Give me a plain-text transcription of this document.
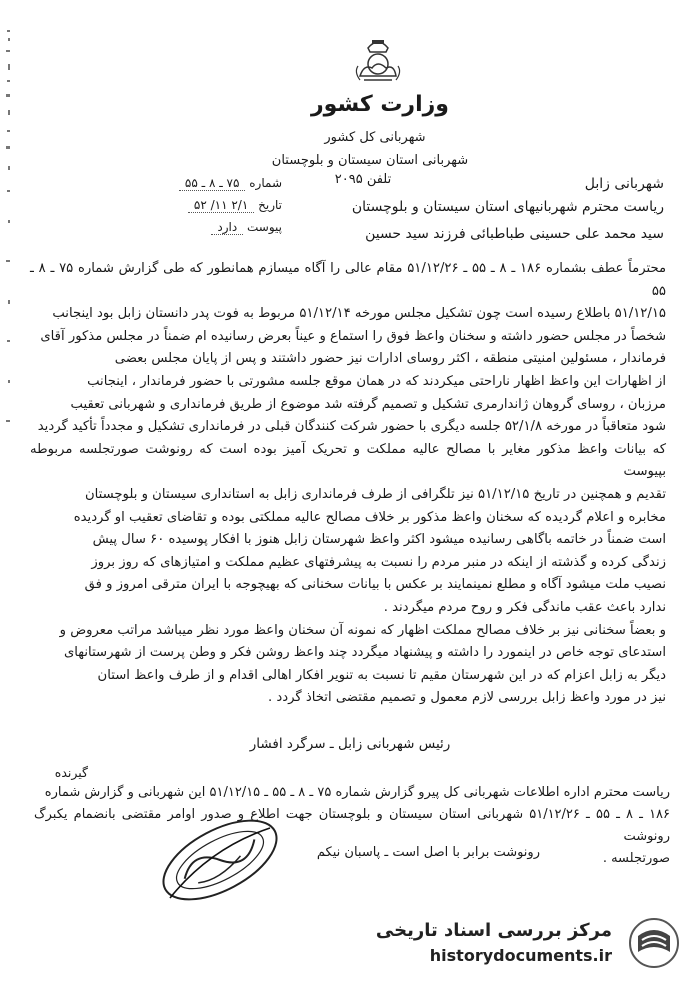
وزارت کشور
شهربانی کل کشور
شهربانی استان سیستان و بلوچستان
تلفن ۲۰۹۵
شماره ۷۵ ـ ۸ ـ ۵۵
تاریخ ۲/۱ ۱۱/ ۵۲
پیوست دارد
شهربانی زابل
ریاست محترم شهربانیهای استان سیستان و بلوچستان
سید محمد علی حسینی طباطبائی فرزند سید حسین

محترماً عطف بشماره ۱۸۶ ـ ۸ ـ ۵۵ ـ ۵۱/۱۲/۲۶ مقام عالی را آگاه میسازم همانطور که طی گزارش شماره ۷۵ ـ ۸ ـ ۵۵

۵۱/۱۲/۱۵ باطلاع رسیده است چون تشکیل مجلس مورخه ۵۱/۱۲/۱۴ مربوط به فوت پدر دانستان زابل بود اینجانب

شخصاً در مجلس حضور داشته و سخنان واعظ فوق را استماع و عیناً بعرض رسانیده ام ضمناً در مجلس مذکور آقای

فرماندار ، مسئولین امنیتی منطقه ، اکثر روسای ادارات نیز حضور داشتند و پس از پایان مجلس بعضی

از اظهارات این واعظ اظهار ناراحتی میکردند که در همان موقع جلسه مشورتی با حضور فرماندار ، اینجانب

مرزبان ، روسای گروهان ژاندارمری تشکیل و تصمیم گرفته شد موضوع از طریق فرمانداری و شهربانی تعقیب

شود متعاقباً در مورخه ۵۲/۱/۸ جلسه دیگری با حضور شرکت کنندگان قبلی در فرمانداری تشکیل و مجدداً تأکید گردید

که بیانات واعظ مذکور مغایر با مصالح عالیه مملکت و تحریک آمیز بوده است که رونوشت صورتجلسه مربوطه بپیوست

تقدیم و همچنین در تاریخ ۵۱/۱۲/۱۵ نیز تلگرافی از طرف فرمانداری زابل به استانداری سیستان و بلوچستان

مخابره و اعلام گردیده که سخنان واعظ مذکور بر خلاف مصالح عالیه مملکتی بوده و تقاضای تعقیب او گردیده

است ضمناً در خاتمه باگاهی رسانیده میشود اکثر واعظ شهرستان زابل هنوز با افکار پوسیده ۶۰ سال پیش

زندگی کرده و گذشته از اینکه در منبر مردم را نسبت به پیشرفتهای عظیم مملکت و امتیازهای که روز بروز

نصیب ملت میشود آگاه و مطلع نمینمایند بر عکس با بیانات سخنانی که بهیچوجه با ایران مترقی امروز و فق

ندارد باعث عقب ماندگی فکر و روح مردم میگردند .

و بعضاً سخنانی نیز بر خلاف مصالح مملکت اظهار که نمونه آن سخنان واعظ مورد نظر میباشد مراتب معروض و

استدعای توجه خاص در اینمورد را داشته و پیشنهاد میگردد چند واعظ روشن فکر و وطن پرست از شهرستانهای

دیگر به زابل اعزام که در این شهرستان مقیم تا نسبت به تنویر افکار اهالی اقدام و از طرف واعظ استان

نیز در مورد واعظ زابل بررسی لازم معمول و تصمیم مقتضی اتخاذ گردد .

رئیس شهربانی زابل ـ سرگرد افشار
گیرنده

ریاست محترم اداره اطلاعات شهربانی کل پیرو گزارش شماره ۷۵ ـ ۸ ـ ۵۵ ـ ۵۱/۱۲/۱۵ این شهربانی و گزارش شماره

۱۸۶ ـ ۸ ـ ۵۵ ـ ۵۱/۱۲/۲۶ شهربانی استان سیستان و بلوچستان جهت اطلاع و صدور اوامر مقتضی بانضمام یکبرگ رونوشت

صورتجلسه .

رونوشت برابر با اصل است ـ پاسبان نیکم
مرکز بررسی اسناد تاریخی
historydocuments.ir
